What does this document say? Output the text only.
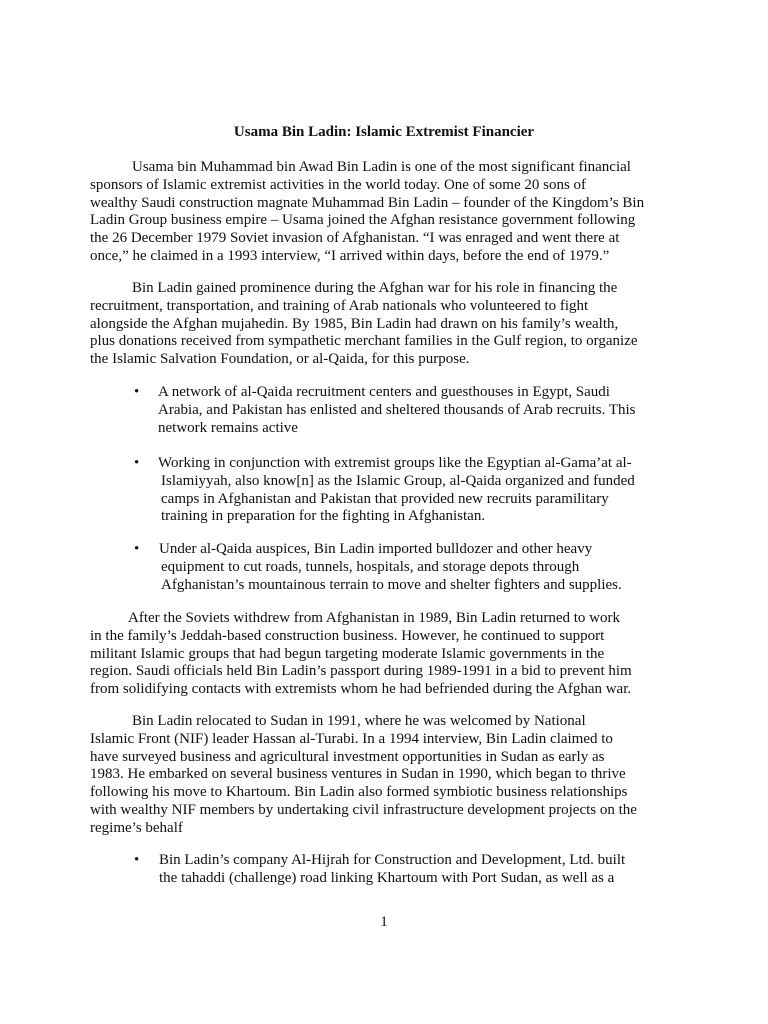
Usama Bin Ladin: Islamic Extremist Financier
Usama bin Muhammad bin Awad Bin Ladin is one of the most significant financial
sponsors of Islamic extremist activities in the world today. One of some 20 sons of
wealthy Saudi construction magnate Muhammad Bin Ladin – founder of the Kingdom’s Bin
Ladin Group business empire – Usama joined the Afghan resistance government following
the 26 December 1979 Soviet invasion of Afghanistan. “I was enraged and went there at
once,” he claimed in a 1993 interview, “I arrived within days, before the end of 1979.”
Bin Ladin gained prominence during the Afghan war for his role in financing the
recruitment, transportation, and training of Arab nationals who volunteered to fight
alongside the Afghan mujahedin. By 1985, Bin Ladin had drawn on his family’s wealth,
plus donations received from sympathetic merchant families in the Gulf region, to organize
the Islamic Salvation Foundation, or al-Qaida, for this purpose.
• A network of al-Qaida recruitment centers and guesthouses in Egypt, Saudi
Arabia, and Pakistan has enlisted and sheltered thousands of Arab recruits. This
network remains active
• Working in conjunction with extremist groups like the Egyptian al-Gama’at al-
Islamiyyah, also know[n] as the Islamic Group, al-Qaida organized and funded
camps in Afghanistan and Pakistan that provided new recruits paramilitary
training in preparation for the fighting in Afghanistan.
• Under al-Qaida auspices, Bin Ladin imported bulldozer and other heavy
equipment to cut roads, tunnels, hospitals, and storage depots through
Afghanistan’s mountainous terrain to move and shelter fighters and supplies.
After the Soviets withdrew from Afghanistan in 1989, Bin Ladin returned to work
in the family’s Jeddah-based construction business. However, he continued to support
militant Islamic groups that had begun targeting moderate Islamic governments in the
region. Saudi officials held Bin Ladin’s passport during 1989-1991 in a bid to prevent him
from solidifying contacts with extremists whom he had befriended during the Afghan war.
Bin Ladin relocated to Sudan in 1991, where he was welcomed by National
Islamic Front (NIF) leader Hassan al-Turabi. In a 1994 interview, Bin Ladin claimed to
have surveyed business and agricultural investment opportunities in Sudan as early as
1983. He embarked on several business ventures in Sudan in 1990, which began to thrive
following his move to Khartoum. Bin Ladin also formed symbiotic business relationships
with wealthy NIF members by undertaking civil infrastructure development projects on the
regime’s behalf
• Bin Ladin’s company Al-Hijrah for Construction and Development, Ltd. built
the tahaddi (challenge) road linking Khartoum with Port Sudan, as well as a
1
